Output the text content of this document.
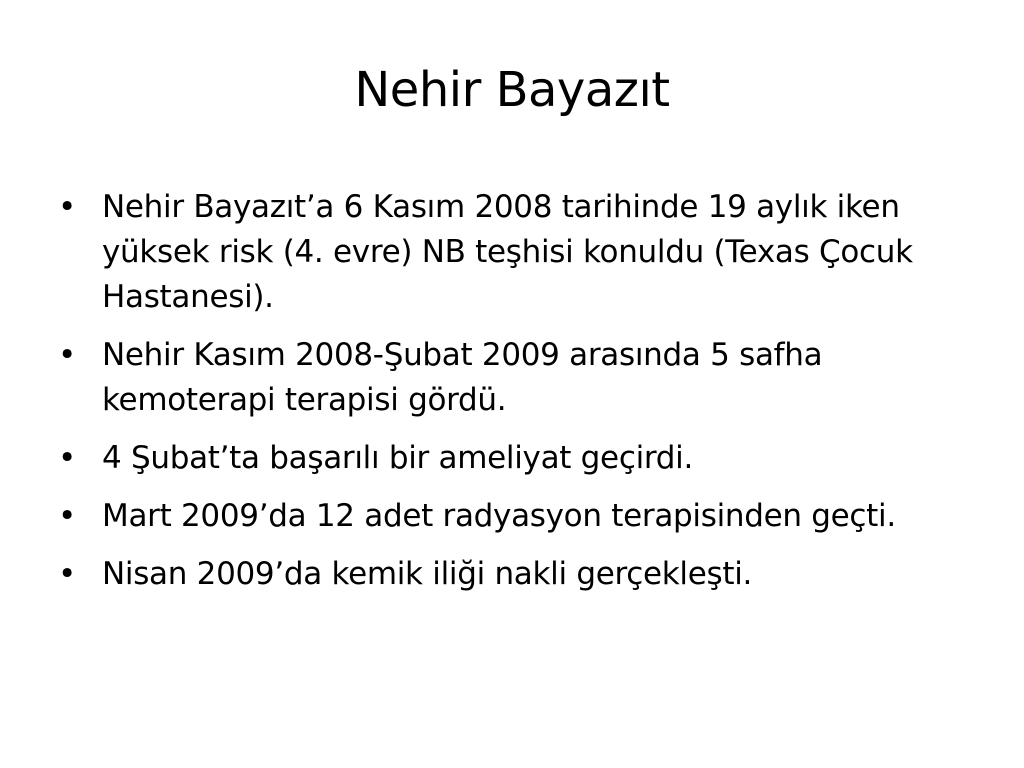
Nehir Bayazıt
• Nehir Bayazıt’a 6 Kasım 2008 tarihinde 19 aylık iken yüksek risk (4. evre) NB teşhisi konuldu (Texas Çocuk Hastanesi).
• Nehir Kasım 2008-Şubat 2009 arasında 5 safha kemoterapi terapisi gördü.
• 4 Şubat’ta başarılı bir ameliyat geçirdi.
• Mart 2009’da 12 adet radyasyon terapisinden geçti.
• Nisan 2009’da kemik iliği nakli gerçekleşti.
